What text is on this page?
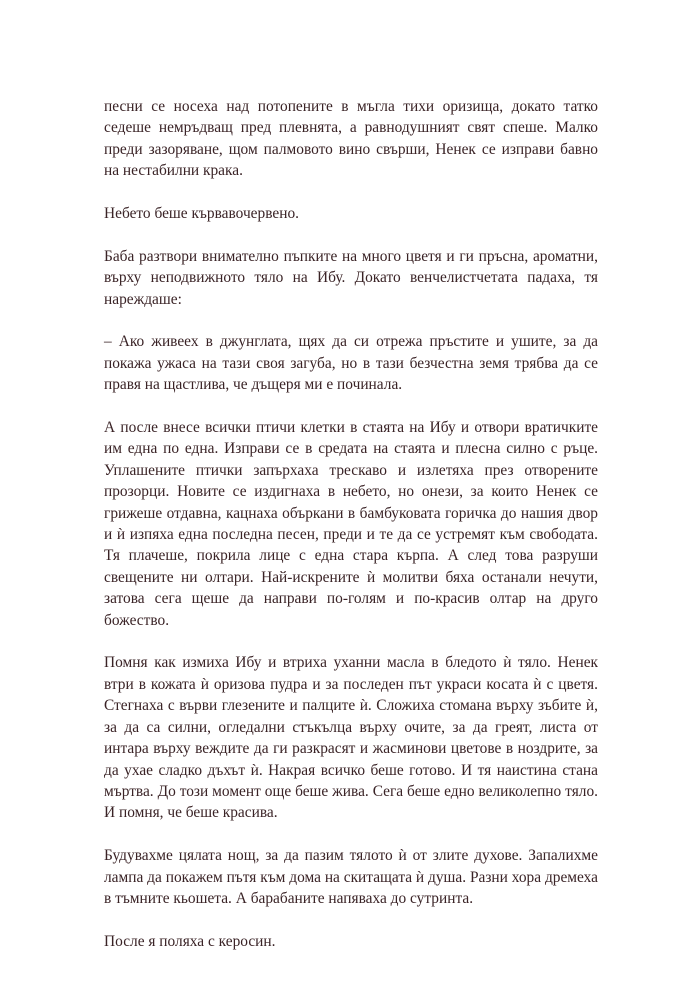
песни се носеха над потопените в мъгла тихи оризища, докато татко седеше немръдващ пред плевнята, а равнодушният свят спеше. Малко преди зазоряване, щом палмовото вино свърши, Ненек се изправи бавно на нестабилни крака.

Небето беше кървавочервено.

Баба разтвори внимателно пъпките на много цветя и ги пръсна, ароматни, върху неподвижното тяло на Ибу. Докато венчелистчетата падаха, тя нареждаше:

– Ако живеех в джунглата, щях да си отрежа пръстите и ушите, за да покажа ужаса на тази своя загуба, но в тази безчестна земя трябва да се правя на щастлива, че дъщеря ми е починала.

А после внесе всички птичи клетки в стаята на Ибу и отвори вратичките им една по една. Изправи се в средата на стаята и плесна силно с ръце. Уплашените птички запърхаха трескаво и излетяха през отворените прозорци. Новите се издигнаха в небето, но онези, за които Ненек се грижеше отдавна, кацнаха объркани в бамбуковата горичка до нашия двор и ѝ изпяха една последна песен, преди и те да се устремят към свободата. Тя плачеше, покрила лице с една стара кърпа. А след това разруши свещените ни олтари. Най-искрените ѝ молитви бяха останали нечути, затова сега щеше да направи по-голям и по-красив олтар на друго божество.

Помня как измиха Ибу и втриха уханни масла в бледото ѝ тяло. Ненек втри в кожата ѝ оризова пудра и за последен път украси косата ѝ с цветя. Стегнаха с върви глезените и палците ѝ. Сложиха стомана върху зъбите ѝ, за да са силни, огледални стъкълца върху очите, за да греят, листа от интара върху веждите да ги разкрасят и жасминови цветове в ноздрите, за да ухае сладко дъхът ѝ. Накрая всичко беше готово. И тя наистина стана мъртва. До този момент още беше жива. Сега беше едно великолепно тяло. И помня, че беше красива.

Будувахме цялата нощ, за да пазим тялото ѝ от злите духове. Запалихме лампа да покажем пътя към дома на скитащата ѝ душа. Разни хора дремеха в тъмните кьошета. А барабаните напяваха до сутринта.

После я поляха с керосин.
